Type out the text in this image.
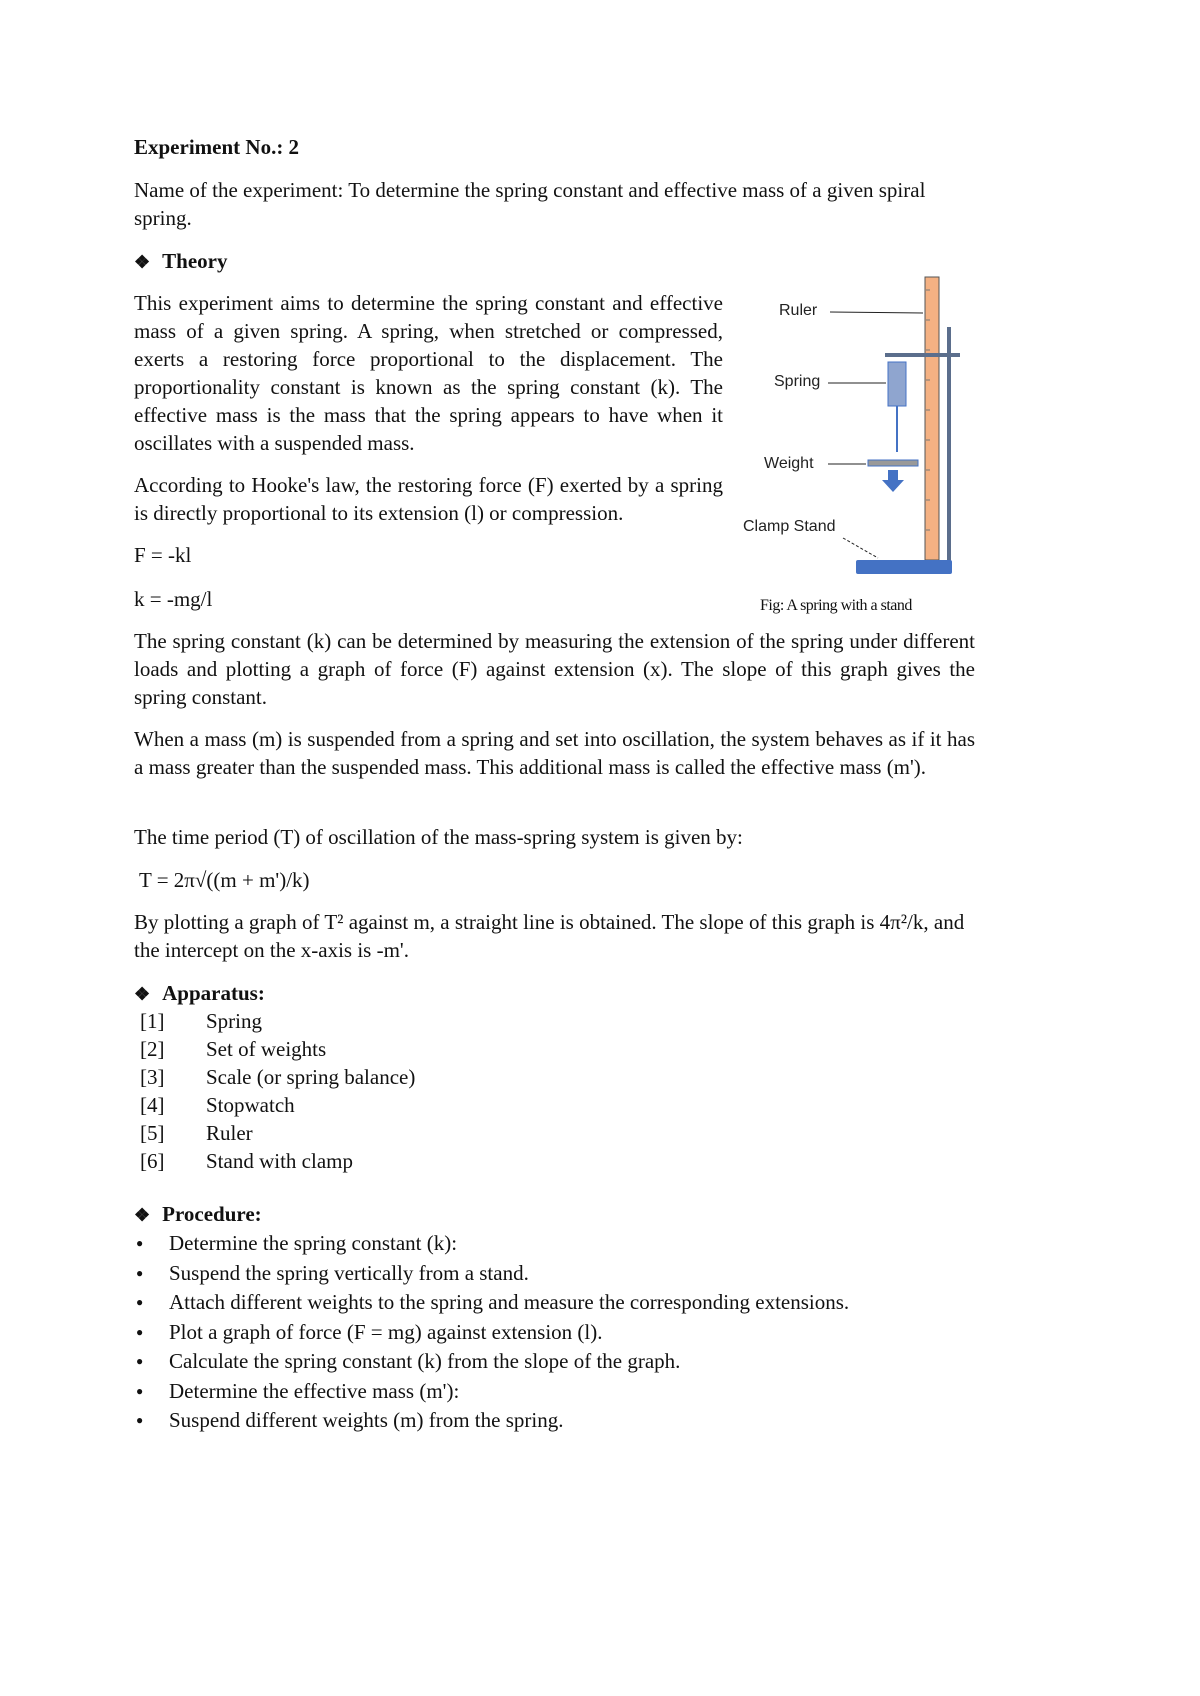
Experiment No.: 2
Name of the experiment: To determine the spring constant and effective mass of a given spiral spring.
❖ Theory
This experiment aims to determine the spring constant and effective mass of a given spring. A spring, when stretched or compressed, exerts a restoring force proportional to the displacement. The proportionality constant is known as the spring constant (k). The effective mass is the mass that the spring appears to have when it oscillates with a suspended mass.
According to Hooke's law, the restoring force (F) exerted by a spring is directly proportional to its extension (l) or compression.
F = -kl
k = -mg/l
Ruler
Spring
Weight
Clamp Stand
Fig: A spring with a stand
The spring constant (k) can be determined by measuring the extension of the spring under different loads and plotting a graph of force (F) against extension (x). The slope of this graph gives the spring constant.
When a mass (m) is suspended from a spring and set into oscillation, the system behaves as if it has a mass greater than the suspended mass. This additional mass is called the effective mass (m').
The time period (T) of oscillation of the mass-spring system is given by:
T = 2π√((m + m')/k)
By plotting a graph of T² against m, a straight line is obtained. The slope of this graph is 4π²/k, and the intercept on the x-axis is -m'.
❖ Apparatus:
[1]	Spring
[2]	Set of weights
[3]	Scale (or spring balance)
[4]	Stopwatch
[5]	Ruler
[6]	Stand with clamp
❖ Procedure:
●	Determine the spring constant (k):
●	Suspend the spring vertically from a stand.
●	Attach different weights to the spring and measure the corresponding extensions.
●	Plot a graph of force (F = mg) against extension (l).
●	Calculate the spring constant (k) from the slope of the graph.
●	Determine the effective mass (m'):
●	Suspend different weights (m) from the spring.
